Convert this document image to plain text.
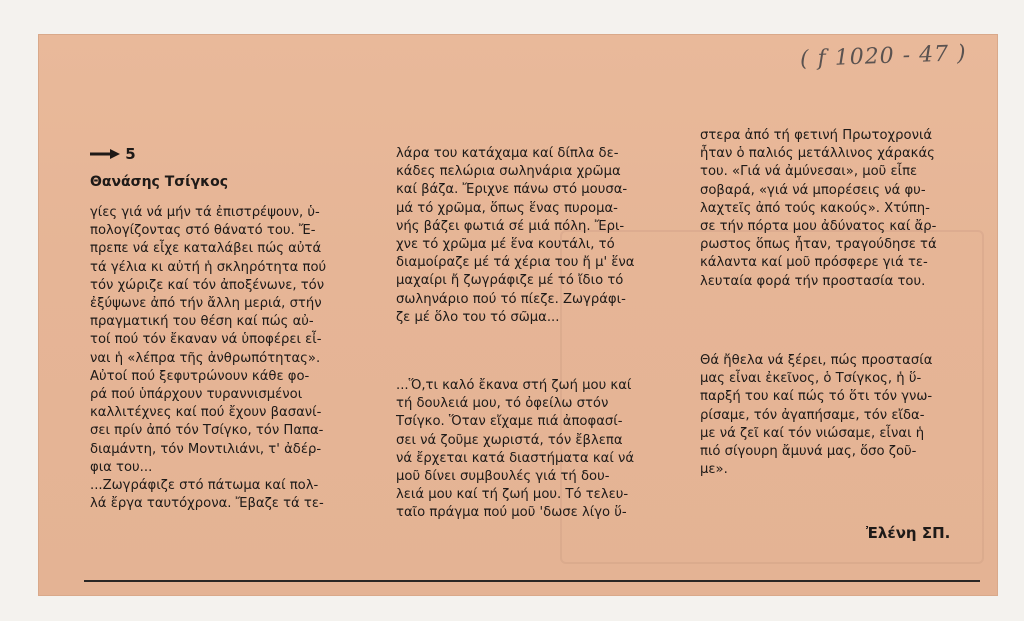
( f 1020 - 47 )
5
Θανάσης Τσίγκος
γίες γιά νά μήν τά ἐπιστρέψουν, ὑ-
πολογίζοντας στό θάνατό του. Ἔ-
πρεπε νά εἶχε καταλάβει πώς αὐτά
τά γέλια κι αὐτή ἡ σκληρότητα πού
τόν χώριζε καί τόν ἀποξένωνε, τόν
ἐξύψωνε ἀπό τήν ἄλλη μεριά, στήν
πραγματική του θέση καί πώς αὐ-
τοί πού τόν ἔκαναν νά ὑποφέρει εἶ-
ναι ἡ «λέπρα τῆς ἀνθρωπότητας».
Αὐτοί πού ξεφυτρώνουν κάθε φο-
ρά πού ὑπάρχουν τυραννισμένοι
καλλιτέχνες καί πού ἔχουν βασανί-
σει πρίν ἀπό τόν Τσίγκο, τόν Παπα-
διαμάντη, τόν Μοντιλιάνι, τ' ἀδέρ-
φια του...
...Ζωγράφιζε στό πάτωμα καί πολ-
λά ἔργα ταυτόχρονα. Ἔβαζε τά τε-
λάρα του κατάχαμα καί δίπλα δε-
κάδες πελώρια σωληνάρια χρῶμα
καί βάζα. Ἔριχνε πάνω στό μουσα-
μά τό χρῶμα, ὅπως ἕνας πυρομα-
νής βάζει φωτιά σέ μιά πόλη. Ἔρι-
χνε τό χρῶμα μέ ἕνα κουτάλι, τό
διαμοίραζε μέ τά χέρια του ἤ μ' ἕνα
μαχαίρι ἤ ζωγράφιζε μέ τό ἴδιο τό
σωληνάριο πού τό πίεζε. Ζωγράφι-
ζε μέ ὅλο του τό σῶμα...
...Ὅ,τι καλό ἔκανα στή ζωή μου καί
τή δουλειά μου, τό ὀφείλω στόν
Τσίγκο. Ὅταν εἴχαμε πιά ἀποφασί-
σει νά ζοῦμε χωριστά, τόν ἔβλεπα
νά ἔρχεται κατά διαστήματα καί νά
μοῦ δίνει συμβουλές γιά τή δου-
λειά μου καί τή ζωή μου. Τό τελευ-
ταῖο πράγμα πού μοῦ 'δωσε λίγο ὕ-
στερα ἀπό τή φετινή Πρωτοχρονιά
ἦταν ὁ παλιός μετάλλινος χάρακάς
του. «Γιά νά ἀμύνεσαι», μοῦ εἶπε
σοβαρά, «γιά νά μπορέσεις νά φυ-
λαχτεῖς ἀπό τούς κακούς». Χτύπη-
σε τήν πόρτα μου ἀδύνατος καί ἄρ-
ρωστος ὅπως ἦταν, τραγούδησε τά
κάλαντα καί μοῦ πρόσφερε γιά τε-
λευταία φορά τήν προστασία του.
Θά ἤθελα νά ξέρει, πώς προστασία
μας εἶναι ἐκεῖνος, ὁ Τσίγκος, ἡ ὕ-
παρξή του καί πώς τό ὅτι τόν γνω-
ρίσαμε, τόν ἀγαπήσαμε, τόν εἴδα-
με νά ζεῖ καί τόν νιώσαμε, εἶναι ἡ
πιό σίγουρη ἄμυνά μας, ὅσο ζοῦ-
με».
Ἐλένη ΣΠ.
